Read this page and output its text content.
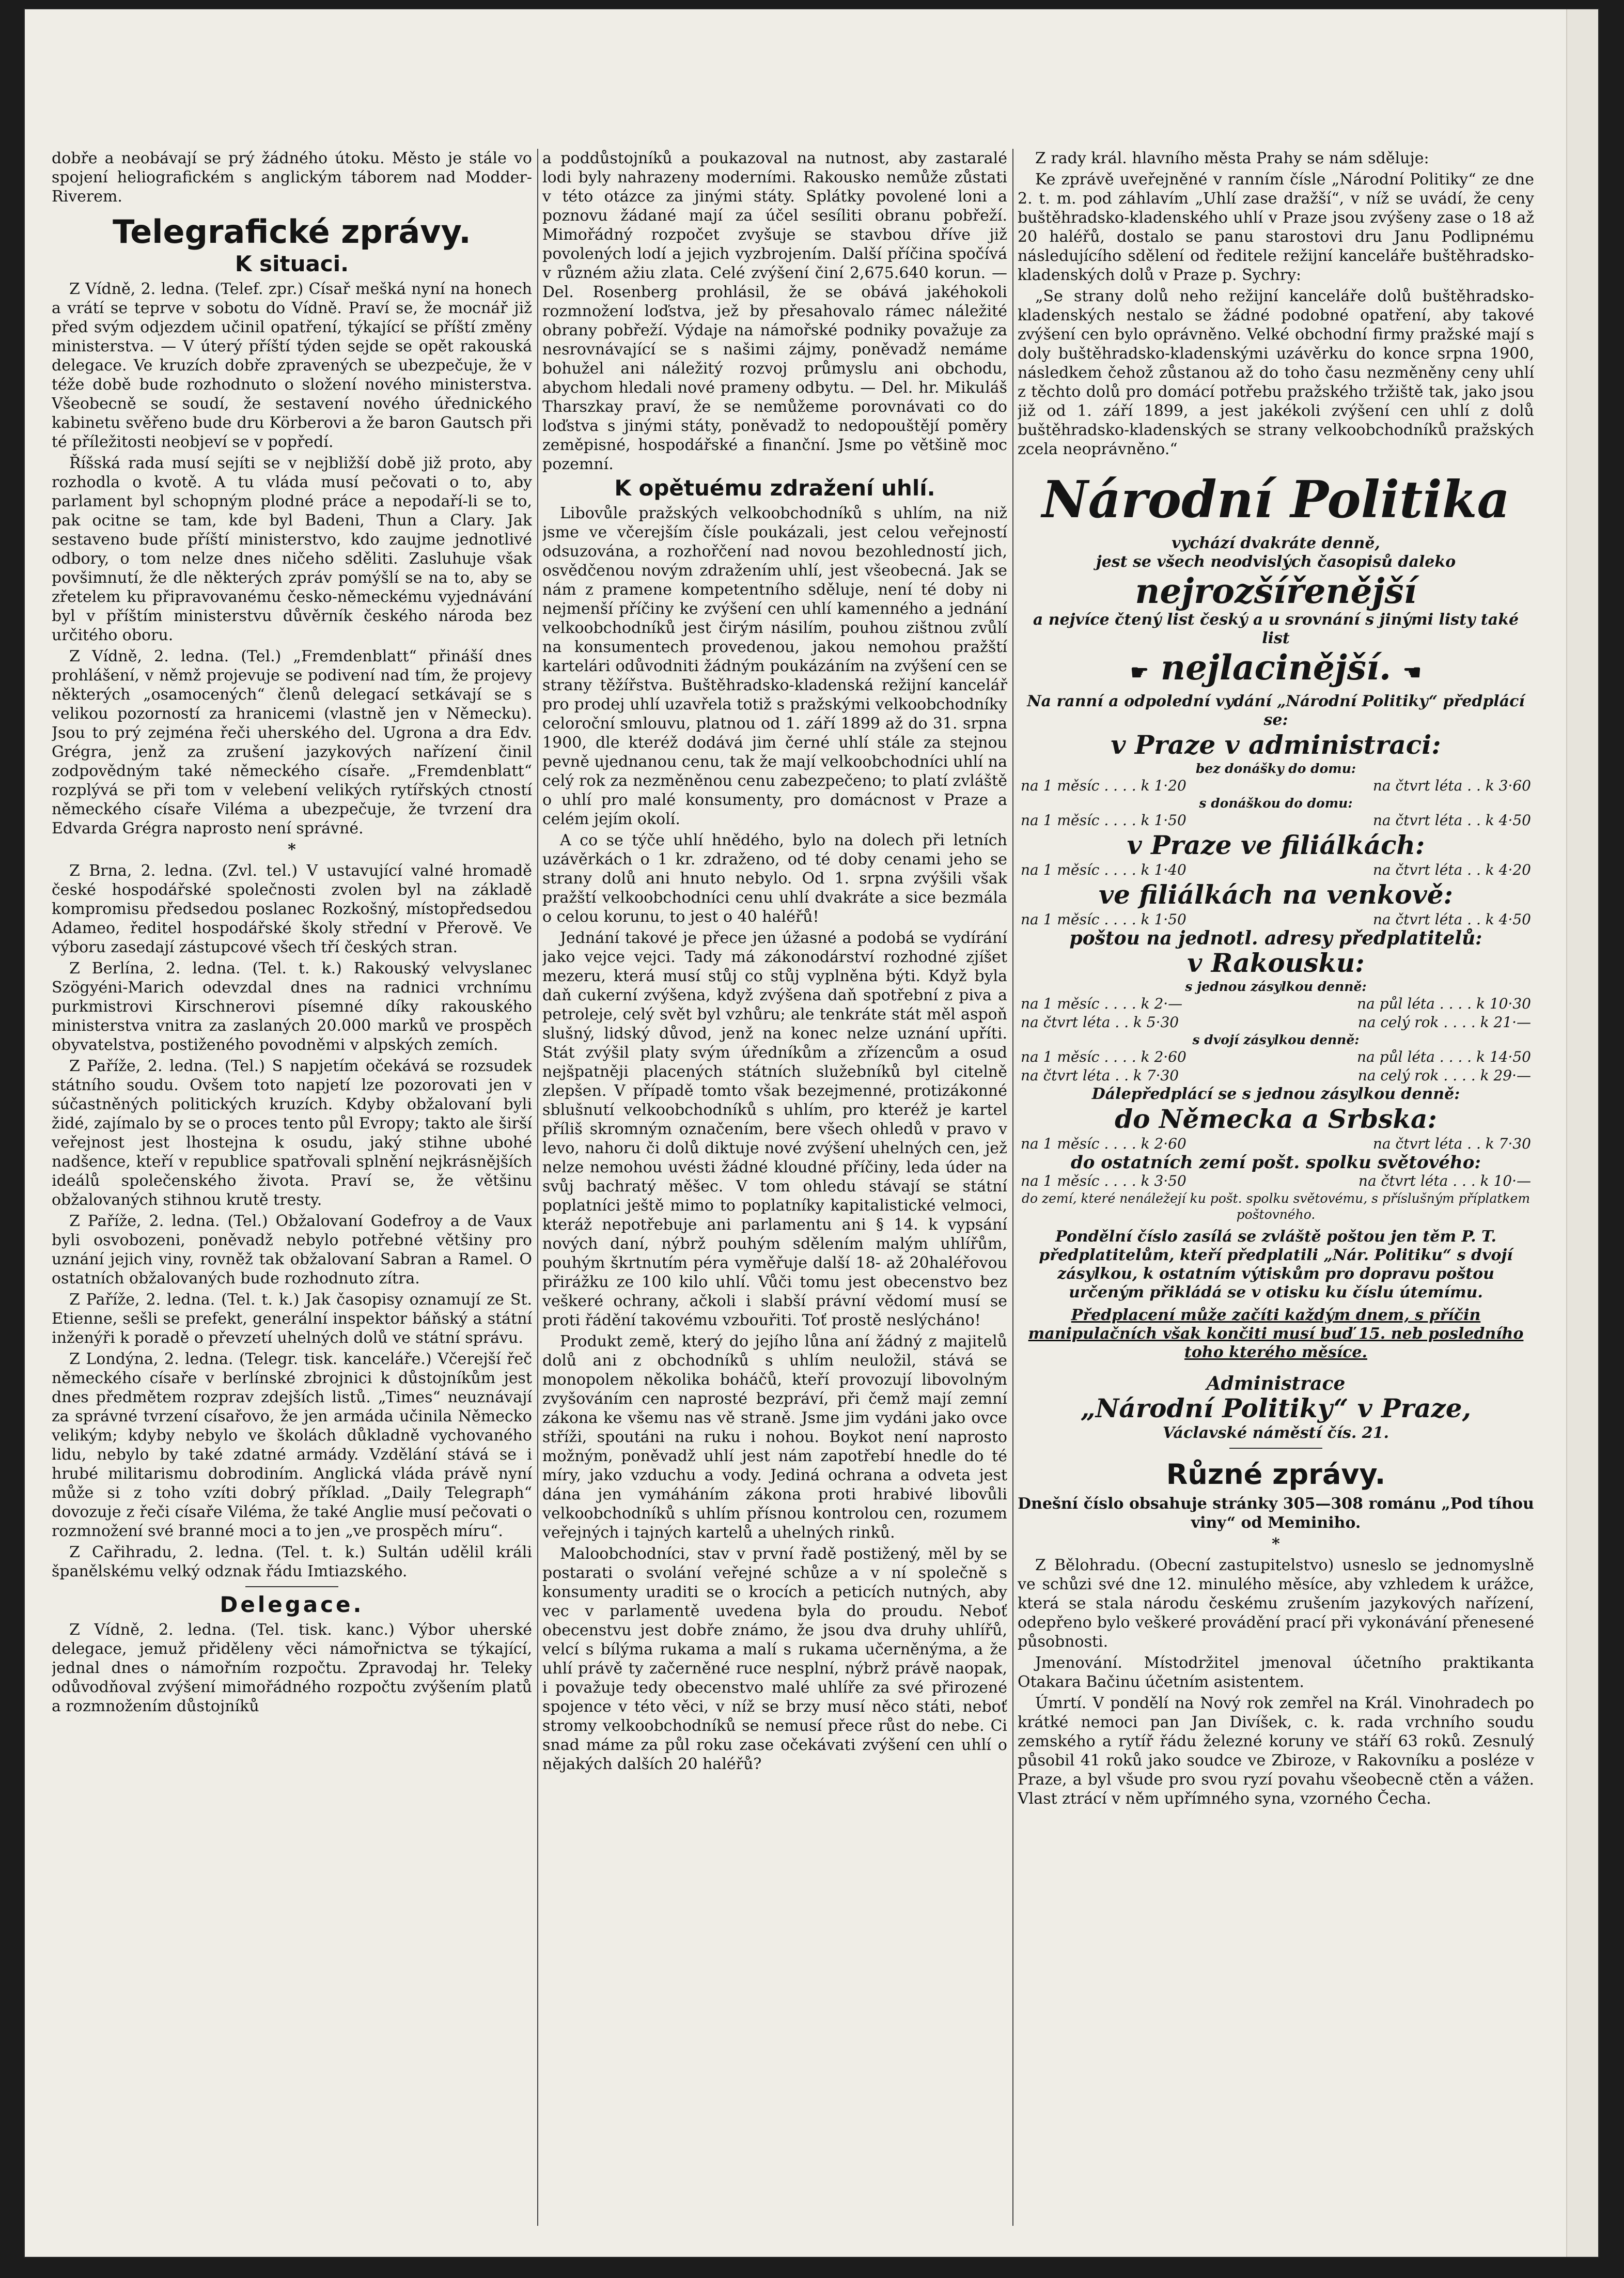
dobře a neobávají se prý žádného útoku. Město je stále vo spojení heliografickém s anglickým táborem nad Modder-Riverem.

Telegrafické zprávy.
K situaci.

Z Vídně, 2. ledna. (Telef. zpr.) Císař mešká nyní na honech a vrátí se teprve v sobotu do Vídně. Praví se, že mocnář již před svým odjezdem učinil opatření, týkající se příští změny ministerstva. — V úterý příští týden sejde se opět rakouská delegace. Ve kruzích dobře zpravených se ubezpečuje, že v téže době bude rozhodnuto o složení nového ministerstva. Všeobecně se soudí, že sestavení nového úřednického kabinetu svěřeno bude dru Körberovi a že baron Gautsch při té příležitosti neobjeví se v popředí.

Říšská rada musí sejíti se v nejbližší době již proto, aby rozhodla o kvotě. A tu vláda musí pečovati o to, aby parlament byl schopným plodné práce a nepodaří-li se to, pak ocitne se tam, kde byl Badeni, Thun a Clary. Jak sestaveno bude příští ministerstvo, kdo zaujme jednotlivé odbory, o tom nelze dnes ničeho sděliti. Zasluhuje však povšimnutí, že dle některých zpráv pomýšlí se na to, aby se zřetelem ku připravovanému česko-německému vyjednávání byl v příštím ministerstvu důvěrník českého národa bez určitého oboru.

Z Vídně, 2. ledna. (Tel.) „Fremdenblatt“ přináší dnes prohlášení, v němž projevuje se podivení nad tím, že projevy některých „osamocených“ členů delegací setkávají se s velikou pozorností za hranicemi (vlastně jen v Německu). Jsou to prý zejména řeči uherského del. Ugrona a dra Edv. Grégra, jenž za zrušení jazykových nařízení činil zodpovědným také německého císaře. „Fremdenblatt“ rozplývá se při tom v velebení velikých rytířských ctností německého císaře Viléma a ubezpečuje, že tvrzení dra Edvarda Grégra naprosto není správné.

*

Z Brna, 2. ledna. (Zvl. tel.) V ustavující valné hromadě české hospodářské společnosti zvolen byl na základě kompromisu předsedou poslanec Rozkošný, místopředsedou Adameo, ředitel hospodářské školy střední v Přerově. Ve výboru zasedají zástupcové všech tří českých stran.

Z Berlína, 2. ledna. (Tel. t. k.) Rakouský velvyslanec Szögyéni-Marich odevzdal dnes na radnici vrchnímu purkmistrovi Kirschnerovi písemné díky rakouského ministerstva vnitra za zaslaných 20.000 marků ve prospěch obyvatelstva, postiženého povodněmi v alpských zemích.

Z Paříže, 2. ledna. (Tel.) S napjetím očekává se rozsudek státního soudu. Ovšem toto napjetí lze pozorovati jen v súčastněných politických kruzích. Kdyby obžalovaní byli židé, zajímalo by se o proces tento půl Evropy; takto ale širší veřejnost jest lhostejna k osudu, jaký stihne ubohé nadšence, kteří v republice spatřovali splnění nejkrásnějších ideálů společenského života. Praví se, že většinu obžalovaných stihnou krutě tresty.

Z Paříže, 2. ledna. (Tel.) Obžalovaní Godefroy a de Vaux byli osvobozeni, poněvadž nebylo potřebné většiny pro uznání jejich viny, rovněž tak obžalovaní Sabran a Ramel. O ostatních obžalovaných bude rozhodnuto zítra.

Z Paříže, 2. ledna. (Tel. t. k.) Jak časopisy oznamují ze St. Etienne, sešli se prefekt, generální inspektor báňský a státní inženýři k poradě o převzetí uhelných dolů ve státní správu.

Z Londýna, 2. ledna. (Telegr. tisk. kanceláře.) Včerejší řeč německého císaře v berlínské zbrojnici k důstojníkům jest dnes předmětem rozprav zdejších listů. „Times“ neuznávají za správné tvrzení císařovo, že jen armáda učinila Německo velikým; kdyby nebylo ve školách důkladně vychovaného lidu, nebylo by také zdatné armády. Vzdělání stává se i hrubé militarismu dobrodiním. Anglická vláda právě nyní může si z toho vzíti dobrý příklad. „Daily Telegraph“ dovozuje z řeči císaře Viléma, že také Anglie musí pečovati o rozmnožení své branné moci a to jen „ve prospěch míru“.

Z Cařihradu, 2. ledna. (Tel. t. k.) Sultán udělil králi španělskému velký odznak řádu Imtiazského.

Delegace.

Z Vídně, 2. ledna. (Tel. tisk. kanc.) Výbor uherské delegace, jemuž přiděleny věci námořnictva se týkající, jednal dnes o námořním rozpočtu. Zpravodaj hr. Teleky odůvodňoval zvýšení mimořádného rozpočtu zvýšením platů a rozmnožením důstojníků

a poddůstojníků a poukazoval na nutnost, aby zastaralé lodi byly nahrazeny moderními. Rakousko nemůže zůstati v této otázce za jinými státy. Splátky povolené loni a poznovu žádané mají za účel sesíliti obranu pobřeží. Mimořádný rozpočet zvyšuje se stavbou dříve již povolených lodí a jejich vyzbrojením. Další příčina spočívá v různém ažiu zlata. Celé zvýšení činí 2,675.640 korun. — Del. Rosenberg prohlásil, že se obává jakéhokoli rozmnožení loďstva, jež by přesahovalo rámec náležité obrany pobřeží. Výdaje na námořské podniky považuje za nesrovnávající se s našimi zájmy, poněvadž nemáme bohužel ani náležitý rozvoj průmyslu ani obchodu, abychom hledali nové prameny odbytu. — Del. hr. Mikuláš Tharszkay praví, že se nemůžeme porovnávati co do loďstva s jinými státy, poněvadž to nedopouštějí poměry zeměpisné, hospodářské a finanční. Jsme po většině moc pozemní.

K opětuému zdražení uhlí.

Libovůle pražských velkoobchodníků s uhlím, na niž jsme ve včerejším čísle poukázali, jest celou veřejností odsuzována, a rozhořčení nad novou bezohledností jich, osvědčenou novým zdražením uhlí, jest všeobecná. Jak se nám z pramene kompetentního sděluje, není té doby ni nejmenší příčiny ke zvýšení cen uhlí kamenného a jednání velkoobchodníků jest čirým násilím, pouhou zištnou zvůlí na konsumentech provedenou, jakou nemohou pražští kartelári odůvodniti žádným poukázáním na zvýšení cen se strany těžířstva. Buštěhradsko-kladenská režijní kancelář pro prodej uhlí uzavřela totiž s pražskými velkoobchodníky celoroční smlouvu, platnou od 1. září 1899 až do 31. srpna 1900, dle kteréž dodává jim černé uhlí stále za stejnou pevně ujednanou cenu, tak že mají velkoobchodníci uhlí na celý rok za nezměněnou cenu zabezpečeno; to platí zvláště o uhlí pro malé konsumenty, pro domácnost v Praze a celém jejím okolí.

A co se týče uhlí hnědého, bylo na dolech při letních uzávěrkách o 1 kr. zdraženo, od té doby cenami jeho se strany dolů ani hnuto nebylo. Od 1. srpna zvýšili však pražští velkoobchodníci cenu uhlí dvakráte a sice bezmála o celou korunu, to jest o 40 haléřů!

Jednání takové je přece jen úžasné a podobá se vydírání jako vejce vejci. Tady má zákonodárství rozhodné zjíšet mezeru, která musí stůj co stůj vyplněna býti. Když byla daň cukerní zvýšena, když zvýšena daň spotřební z piva a petroleje, celý svět byl vzhůru; ale tenkráte stát měl aspoň slušný, lidský důvod, jenž na konec nelze uznání upříti. Stát zvýšil platy svým úředníkům a zřízencům a osud nejšpatněji placených státních služebníků byl citelně zlepšen. V případě tomto však bezejmenné, protizákonné sblušnutí velkoobchodníků s uhlím, pro kteréž je kartel příliš skromným označením, bere všech ohledů v pravo v levo, nahoru či dolů diktuje nové zvýšení uhelných cen, jež nelze nemohou uvésti žádné kloudné příčiny, leda úder na svůj bachratý měšec. V tom ohledu stávají se státní poplatníci ještě mimo to poplatníky kapitalistické velmoci, kteráž nepotřebuje ani parlamentu ani § 14. k vypsání nových daní, nýbrž pouhým sdělením malým uhlířům, pouhým škrtnutím péra vyměřuje další 18- až 20haléřovou přirážku ze 100 kilo uhlí. Vůči tomu jest obecenstvo bez veškeré ochrany, ačkoli i slabší právní vědomí musí se proti řádění takovému vzbouřiti. Toť prostě neslýcháno!

Produkt země, který do jejího lůna aní žádný z majitelů dolů ani z obchodníků s uhlím neuložil, stává se monopolem několika boháčů, kteří provozují libovolným zvyšováním cen naprosté bezpráví, při čemž mají zemní zákona ke všemu nas vě straně. Jsme jim vydáni jako ovce stříži, spoutáni na ruku i nohou. Boykot není naprosto možným, poněvadž uhlí jest nám zapotřebí hnedle do té míry, jako vzduchu a vody. Jediná ochrana a odveta jest dána jen vymáháním zákona proti hrabivé libovůli velkoobchodníků s uhlím přísnou kontrolou cen, rozumem veřejných i tajných kartelů a uhelných rinků.

Maloobchodníci, stav v první řadě postižený, měl by se postarati o svolání veřejné schůze a v ní společně s konsumenty uraditi se o krocích a peticích nutných, aby vec v parlamentě uvedena byla do proudu. Neboť obecenstvu jest dobře známo, že jsou dva druhy uhlířů, velcí s bílýma rukama a malí s rukama učerněnýma, a že uhlí právě ty začerněné ruce nesplní, nýbrž právě naopak, i považuje tedy obecenstvo malé uhlíře za své přirozené spojence v této věci, v níž se brzy musí něco státi, neboť stromy velkoobchodníků se nemusí přece růst do nebe. Ci snad máme za půl roku zase očekávati zvýšení cen uhlí o nějakých dalších 20 haléřů?

Z rady král. hlavního města Prahy se nám sděluje:

Ke zprávě uveřejněné v ranním čísle „Národní Politiky“ ze dne 2. t. m. pod záhlavím „Uhlí zase dražší“, v níž se uvádí, že ceny buštěhradsko-kladenského uhlí v Praze jsou zvýšeny zase o 18 až 20 haléřů, dostalo se panu starostovi dru Janu Podlipnému následujícího sdělení od ředitele režijní kanceláře buštěhradsko-kladenských dolů v Praze p. Sychry:

„Se strany dolů neho režijní kanceláře dolů buštěhradsko-kladenských nestalo se žádné podobné opatření, aby takové zvýšení cen bylo oprávněno. Velké obchodní firmy pražské mají s doly buštěhradsko-kladenskými uzávěrku do konce srpna 1900, následkem čehož zůstanou až do toho času nezměněny ceny uhlí z těchto dolů pro domácí potřebu pražského tržiště tak, jako jsou již od 1. září 1899, a jest jakékoli zvýšení cen uhlí z dolů buštěhradsko-kladenských se strany velkoobchodníků pražských zcela neoprávněno.“

Národní Politika
vychází dvakráte denně,
jest se všech neodvislých časopisů daleko
nejrozšířenější
a nejvíce čtený list český a u srovnání s jinými listy také list
☛ nejlacinější. ☚
Na ranní a odpolední vydání „Národní Politiky“ předplácí se:
v Praze v administraci:
bez donášky do domu:
na 1 měsíc . . . . k 1·20	na čtvrt léta . . k 3·60
s donáškou do domu:
na 1 měsíc . . . . k 1·50	na čtvrt léta . . k 4·50
v Praze ve filiálkách:
na 1 měsíc . . . . k 1·40	na čtvrt léta . . k 4·20
ve filiálkách na venkově:
na 1 měsíc . . . . k 1·50	na čtvrt léta . . k 4·50
poštou na jednotl. adresy předplatitelů:
v Rakousku:
s jednou zásylkou denně:
na 1 měsíc . . . . k 2·—	na půl léta . . . . k 10·30
na čtvrt léta . . k 5·30	na celý rok . . . . k 21·—
s dvojí zásylkou denně:
na 1 měsíc . . . . k 2·60	na půl léta . . . . k 14·50
na čtvrt léta . . k 7·30	na celý rok . . . . k 29·—
Dálepředplácí se s jednou zásylkou denně:
do Německa a Srbska:
na 1 měsíc . . . . k 2·60	na čtvrt léta . . k 7·30
do ostatních zemí pošt. spolku světového:
na 1 měsíc . . . . k 3·50	na čtvrt léta . . . k 10·—
do zemí, které nenáležejí ku pošt. spolku světovému, s příslušným příplatkem poštovného.
Pondělní číslo zasílá se zvláště poštou jen těm P. T. předplatitelům, kteří předplatili „Nár. Politiku“ s dvojí zásylkou, k ostatním výtiskům pro dopravu poštou určeným přikládá se v otisku ku číslu útemímu.
Předplacení může začíti každým dnem, s příčin manipulačních však končiti musí buď 15. neb posledního toho kterého měsíce.
Administrace
„Národní Politiky“ v Praze,
Václavské náměstí čís. 21.
Různé zprávy.

Dnešní číslo obsahuje stránky 305—308 románu „Pod tíhou viny“ od Meminiho.

*

Z Bělohradu. (Obecní zastupitelstvo) usneslo se jednomyslně ve schůzi své dne 12. minulého měsíce, aby vzhledem k urážce, která se stala národu českému zrušením jazykových nařízení, odepřeno bylo veškeré provádění prací při vykonávání přenesené působnosti.

Jmenování. Místodržitel jmenoval účetního praktikanta Otakara Bačinu účetním asistentem.

Úmrtí. V pondělí na Nový rok zemřel na Král. Vinohradech po krátké nemoci pan Jan Divíšek, c. k. rada vrchního soudu zemského a rytíř řádu železné koruny ve stáří 63 roků. Zesnulý působil 41 roků jako soudce ve Zbiroze, v Rakovníku a posléze v Praze, a byl všude pro svou ryzí povahu všeobecně ctěn a vážen. Vlast ztrácí v něm upřímného syna, vzorného Čecha.
